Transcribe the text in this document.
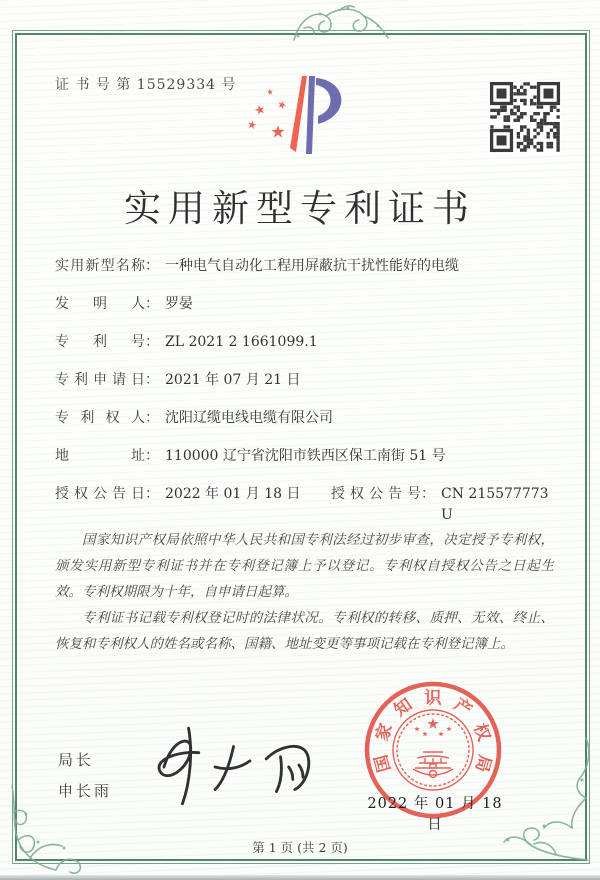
证 书 号 第 15529334 号
实用新型专利证书
实用新型名称 ： 一种电气自动化工程用屏蔽抗干扰性能好的电缆
发明人 ： 罗晏
专利号 ： ZL 2021 2 1661099.1
专利申请日 ： 2021 年 07 月 21 日
专利权人 ： 沈阳辽缆电线电缆有限公司
地址 ： 110000 辽宁省沈阳市铁西区保工南街 51 号
授权公告日 ： 2022 年 01 月 18 日 授权公告号 ： CN 215577773 U

国家知识产权局依照中华人民共和国专利法经过初步审查，决定授予专利权，颁发实用新型专利证书并在专利登记簿上予以登记。专利权自授权公告之日起生效。专利权期限为十年，自申请日起算。

专利证书记载专利权登记时的法律状况。专利权的转移、质押、无效、终止、恢复和专利权人的姓名或名称、国籍、地址变更等事项记载在专利登记簿上。

局长
申长雨
国
家
知 识 产
权
局
2022 年 01 月 18 日
第 1 页 (共 2 页)
